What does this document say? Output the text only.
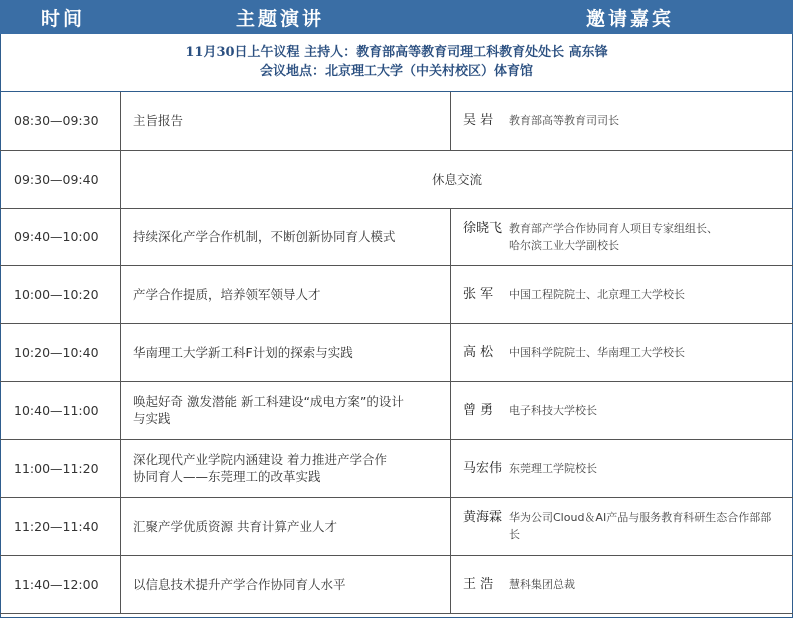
时间	主题演讲	邀请嘉宾
11月30日上午议程 主持人：教育部高等教育司理工科教育处处长 高东锋
会议地点：北京理工大学（中关村校区）体育馆
08:30—09:30	主旨报告	吴 岩 教育部高等教育司司长

09:30—09:40	休息交流	
09:40—10:00	持续深化产学合作机制，不断创新协同育人模式	徐晓飞 教育部产学合作协同育人项目专家组组长、
哈尔滨工业大学副校长

10:00—10:20	产学合作提质，培养领军领导人才	张 军 中国工程院院士、北京理工大学校长

10:20—10:40	华南理工大学新工科F计划的探索与实践	高 松 中国科学院院士、华南理工大学校长

10:40—11:00	唤起好奇 激发潜能 新工科建设“成电方案”的设计
与实践	曾 勇 电子科技大学校长

11:00—11:20	深化现代产业学院内涵建设 着力推进产学合作
协同育人——东莞理工的改革实践	马宏伟 东莞理工学院校长

11:20—11:40	汇聚产学优质资源 共育计算产业人才	黄海霖 华为公司Cloud＆AI产品与服务教育科研生态合作部部长

11:40—12:00	以信息技术提升产学合作协同育人水平	王 浩 慧科集团总裁
